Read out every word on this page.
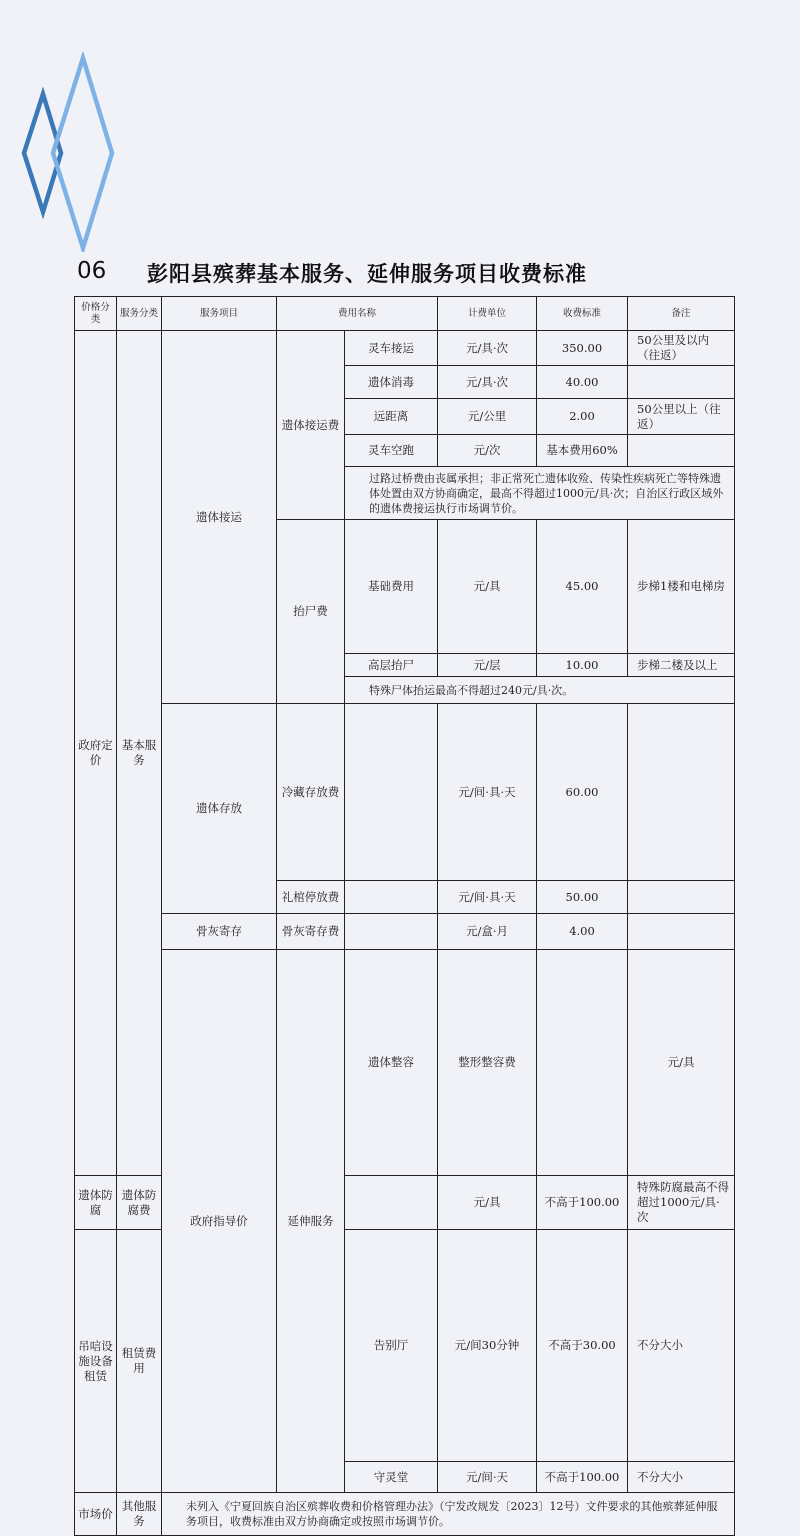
06 彭阳县殡葬基本服务、延伸服务项目收费标准
价格分类	服务分类	服务项目	费用名称		计费单位	收费标准	备注	
政府定价	基本服务	遗体接运	遗体接运费	灵车接运	元/具·次	350.00	50公里及以内（往返）	
				遗体消毒	元/具·次	40.00		
				远距离	元/公里	2.00	50公里以上（往返）	
				灵车空跑	元/次	基本费用60%		
				过路过桥费由丧属承担；非正常死亡遗体收殓、传染性疾病死亡等特殊遗体处置由双方协商确定，最高不得超过1000元/具·次；自治区行政区域外的遗体费接运执行市场调节价。				
			抬尸费	基础费用	元/具	45.00	步梯1楼和电梯房	
				高层抬尸	元/层	10.00	步梯二楼及以上	
				特殊尸体抬运最高不得超过240元/具·次。				
		遗体存放	冷藏存放费		元/间·具·天	60.00		
			礼棺停放费		元/间·具·天	50.00		
		骨灰寄存	骨灰寄存费		元/盒·月	4.00		
		政府指导价	延伸服务	遗体整容	整形整容费		元/具		
遗体防腐	遗体防腐费				元/具	不高于100.00	特殊防腐最高不得超过1000元/具·次	
吊唁设施设备租赁	租赁费用			告别厅	元/间30分钟	不高于30.00	不分大小	
				守灵堂	元/间·天	不高于100.00	不分大小	
市场价	其他服务	未列入《宁夏回族自治区殡葬收费和价格管理办法》（宁发改规发〔2023〕12号）文件要求的其他殡葬延伸服务项目，收费标准由双方协商确定或按照市场调节价。						
